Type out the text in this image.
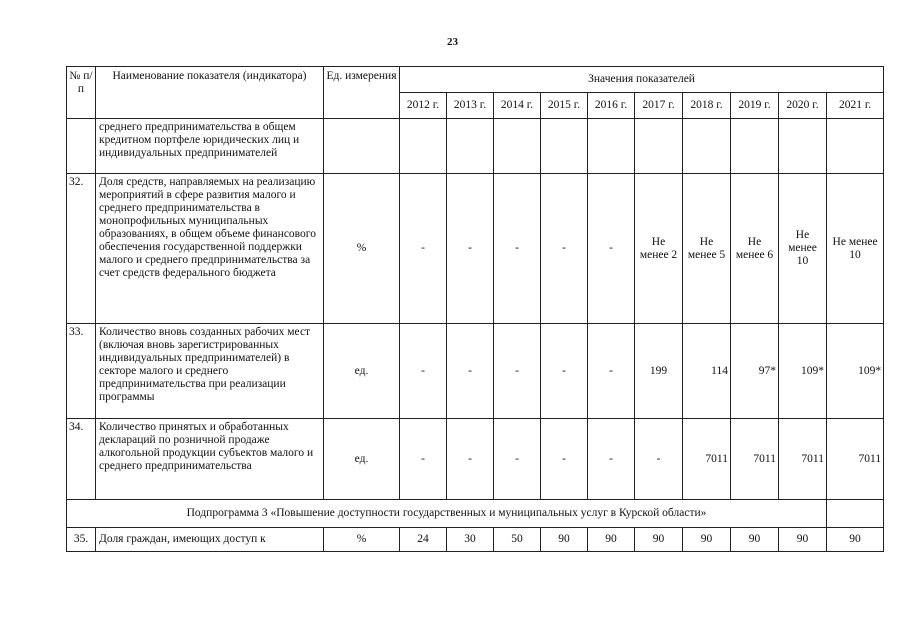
23
№ п/п	Наименование показателя (индикатора)	Ед. измерения	Значения показателей									
			2012 г.	2013 г.	2014 г.	2015 г.	2016 г.	2017 г.	2018 г.	2019 г.	2020 г.	2021 г.
	среднего предпринимательства в общем кредитном портфеле юридических лиц и индивидуальных предпринимателей											
32.	Доля средств, направляемых на реализацию мероприятий в сфере развития малого и среднего предпринимательства в монопрофильных муниципальных образованиях, в общем объеме финансового обеспечения государственной поддержки малого и среднего предпринимательства за счет средств федерального бюджета	%	-	-	-	-	-	Не менее 2	Не менее 5	Не менее 6	Не менее 10	Не менее 10
33.	Количество вновь созданных рабочих мест (включая вновь зарегистрированных индивидуальных предпринимателей) в секторе малого и среднего предпринимательства при реализации программы	ед.	-	-	-	-	-	199	114	97*	109*	109*
34.	Количество принятых и обработанных деклараций по розничной продаже алкогольной продукции субъектов малого и среднего предпринимательства	ед.	-	-	-	-	-	-	7011	7011	7011	7011
Подпрограмма 3 «Повышение доступности государственных и муниципальных услуг в Курской области»												
35.	Доля граждан, имеющих доступ к	%	24	30	50	90	90	90	90	90	90	90
